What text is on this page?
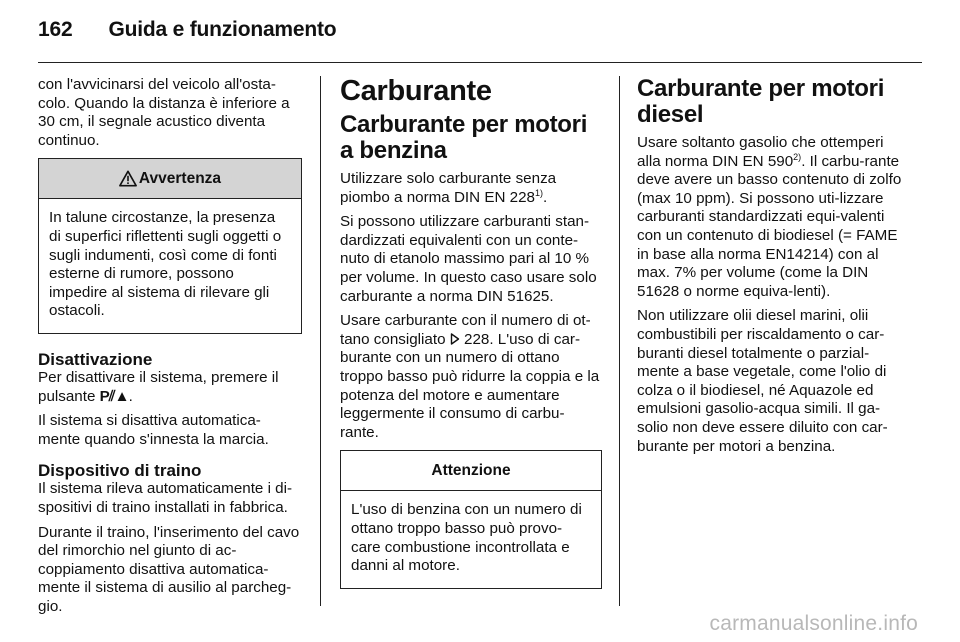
162 Guida e funzionamento

con l'avvicinarsi del veicolo all'osta-colo. Quando la distanza è inferiore a 30 cm, il segnale acustico diventa continuo.

Avvertenza

In talune circostanze, la presenza di superfici riflettenti sugli oggetti o sugli indumenti, così come di fonti esterne di rumore, possono impedire al sistema di rilevare gli ostacoli.

Disattivazione

Per disattivare il sistema, premere il pulsante P⫽▲.

Il sistema si disattiva automatica-mente quando s'innesta la marcia.

Dispositivo di traino

Il sistema rileva automaticamente i di-spositivi di traino installati in fabbrica.

Durante il traino, l'inserimento del cavo del rimorchio nel giunto di ac-coppiamento disattiva automatica-mente il sistema di ausilio al parcheg-gio.

Carburante
Carburante per motori a benzina

Utilizzare solo carburante senza piombo a norma DIN EN 228$^{1)}$.

Si possono utilizzare carburanti stan-dardizzati equivalenti con un conte-nuto di etanolo massimo pari al 10 % per volume. In questo caso usare solo carburante a norma DIN 51625.

Usare carburante con il numero di ot-tano consigliato  228. L'uso di car-burante con un numero di ottano troppo basso può ridurre la coppia e la potenza del motore e aumentare leggermente il consumo di carbu-rante.

Attenzione

L'uso di benzina con un numero di ottano troppo basso può provo-care combustione incontrollata e danni al motore.

Carburante per motori diesel

Usare soltanto gasolio che ottemperi alla norma DIN EN 590$^{2)}$. Il carbu-rante deve avere un basso contenuto di zolfo (max 10 ppm). Si possono uti-lizzare carburanti standardizzati equi-valenti con un contenuto di biodiesel (= FAME in base alla norma EN14214) con al max. 7% per volume (come la DIN 51628 o norme equiva-lenti).

Non utilizzare olii diesel marini, olii combustibili per riscaldamento o car-buranti diesel totalmente o parzial-mente a base vegetale, come l'olio di colza o il biodiesel, né Aquazole ed emulsioni gasolio-acqua simili. Il ga-solio non deve essere diluito con car-burante per motori a benzina.

carmanualsonline.info
